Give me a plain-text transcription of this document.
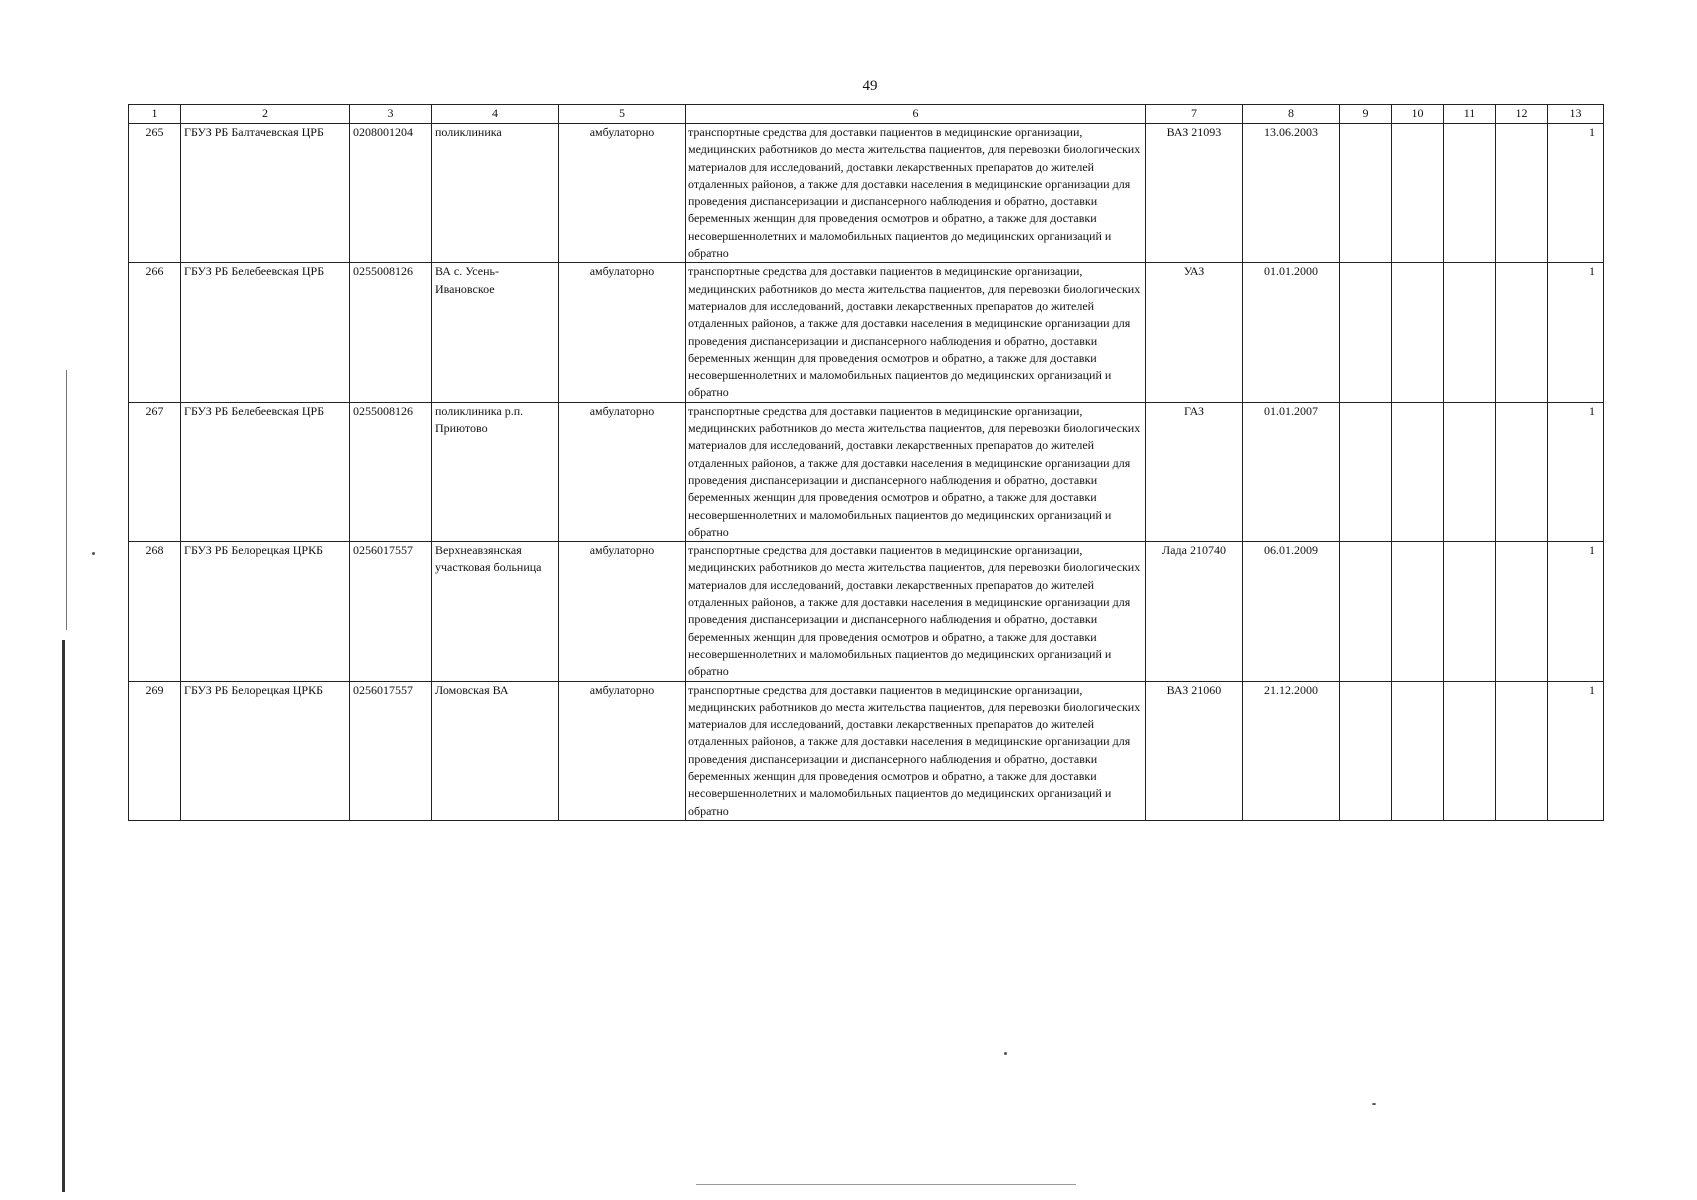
49
1	2	3	4	5	6	7	8	9	10	11	12	13
265	ГБУЗ РБ Балтачевская ЦРБ	0208001204	поликлиника	амбулаторно	транспортные средства для доставки пациентов в медицинские организации, медицинских работников до места жительства пациентов, для перевозки биологических материалов для исследований, доставки лекарственных препаратов до жителей отдаленных районов, а также для доставки населения в медицинские организации для проведения диспансеризации и диспансерного наблюдения и обратно, доставки беременных женщин для проведения осмотров и обратно, а также для доставки несовершеннолетних и маломобильных пациентов до медицинских организаций и обратно	ВАЗ 21093	13.06.2003					1
266	ГБУЗ РБ Белебеевская ЦРБ	0255008126	ВА с. Усень-Ивановское	амбулаторно	транспортные средства для доставки пациентов в медицинские организации, медицинских работников до места жительства пациентов, для перевозки биологических материалов для исследований, доставки лекарственных препаратов до жителей отдаленных районов, а также для доставки населения в медицинские организации для проведения диспансеризации и диспансерного наблюдения и обратно, доставки беременных женщин для проведения осмотров и обратно, а также для доставки несовершеннолетних и маломобильных пациентов до медицинских организаций и обратно	УАЗ	01.01.2000					1
267	ГБУЗ РБ Белебеевская ЦРБ	0255008126	поликлиника р.п. Приютово	амбулаторно	транспортные средства для доставки пациентов в медицинские организации, медицинских работников до места жительства пациентов, для перевозки биологических материалов для исследований, доставки лекарственных препаратов до жителей отдаленных районов, а также для доставки населения в медицинские организации для проведения диспансеризации и диспансерного наблюдения и обратно, доставки беременных женщин для проведения осмотров и обратно, а также для доставки несовершеннолетних и маломобильных пациентов до медицинских организаций и обратно	ГАЗ	01.01.2007					1
268	ГБУЗ РБ Белорецкая ЦРКБ	0256017557	Верхнеавзянская участковая больница	амбулаторно	транспортные средства для доставки пациентов в медицинские организации, медицинских работников до места жительства пациентов, для перевозки биологических материалов для исследований, доставки лекарственных препаратов до жителей отдаленных районов, а также для доставки населения в медицинские организации для проведения диспансеризации и диспансерного наблюдения и обратно, доставки беременных женщин для проведения осмотров и обратно, а также для доставки несовершеннолетних и маломобильных пациентов до медицинских организаций и обратно	Лада 210740	06.01.2009					1
269	ГБУЗ РБ Белорецкая ЦРКБ	0256017557	Ломовская ВА	амбулаторно	транспортные средства для доставки пациентов в медицинские организации, медицинских работников до места жительства пациентов, для перевозки биологических материалов для исследований, доставки лекарственных препаратов до жителей отдаленных районов, а также для доставки населения в медицинские организации для проведения диспансеризации и диспансерного наблюдения и обратно, доставки беременных женщин для проведения осмотров и обратно, а также для доставки несовершеннолетних и маломобильных пациентов до медицинских организаций и обратно	ВАЗ 21060	21.12.2000					1
